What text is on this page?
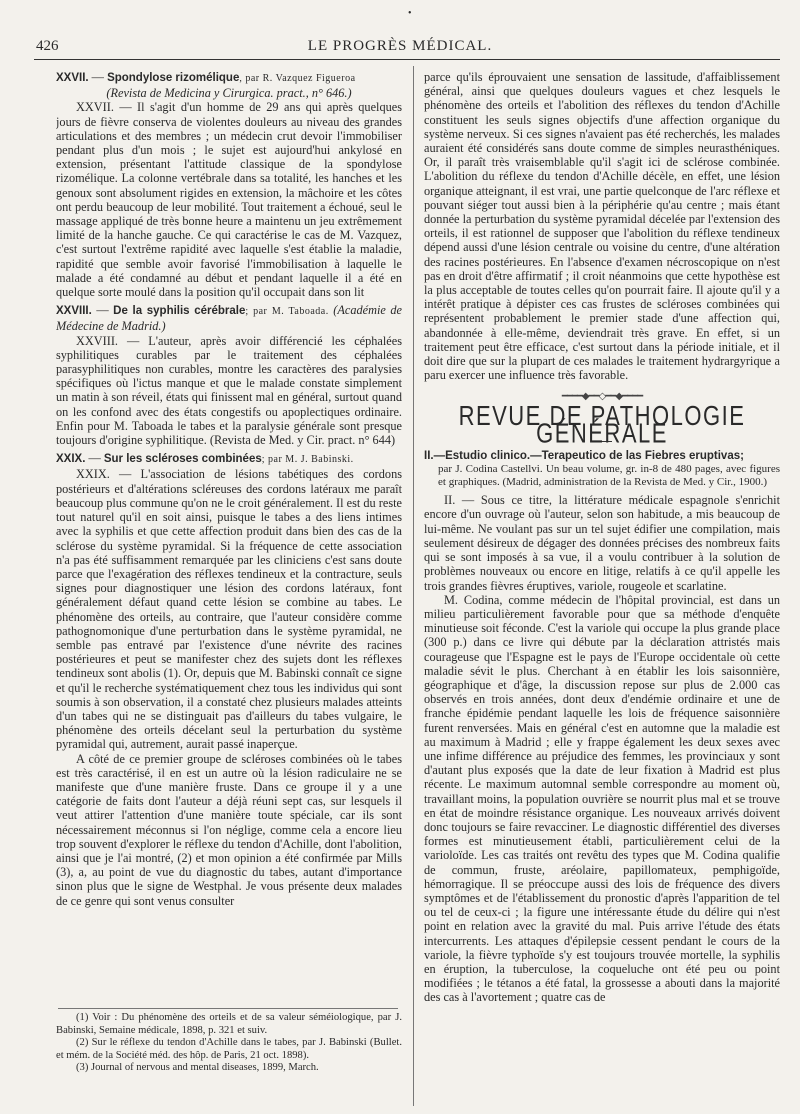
426	LE PROGRÈS MÉDICAL.
•

XXVII. — Spondylose rizomélique, par R. Vazquez Figueroa

(Revista de Medicina y Cirurgica. pract., n° 646.)

XXVII. — Il s'agit d'un homme de 29 ans qui après quelques jours de fièvre conserva de violentes douleurs au niveau des grandes articulations et des membres ; un médecin crut devoir l'immobiliser pendant plus d'un mois ; le sujet est aujourd'hui ankylosé en extension, présentant l'attitude classique de la spondylose rizomélique. La colonne vertébrale dans sa totalité, les hanches et les genoux sont absolument rigides en extension, la mâchoire et les côtes ont perdu beaucoup de leur mobilité. Tout traitement a échoué, seul le massage appliqué de très bonne heure a maintenu un jeu extrêmement limité de la hanche gauche. Ce qui caractérise le cas de M. Vazquez, c'est surtout l'extrême rapidité avec laquelle s'est établie la maladie, rapidité que semble avoir favorisé l'immobilisation à laquelle le malade a été condamné au début et pendant laquelle il a été en quelque sorte moulé dans la position qu'il occupait dans son lit

XXVIII. — De la syphilis cérébrale; par M. Taboada. (Académie de Médecine de Madrid.)

XXVIII. — L'auteur, après avoir différencié les céphalées syphilitiques curables par le traitement des céphalées parasyphilitiques non curables, montre les caractères des paralysies spécifiques où l'ictus manque et que le malade constate simplement un matin à son réveil, états qui finissent mal en général, surtout quand on les confond avec des états congestifs ou apoplectiques ordinaire. Enfin pour M. Taboada le tabes et la paralysie générale sont presque toujours d'origine syphilitique. (Revista de Med. y Cir. pract. n° 644)

XXIX. — Sur les scléroses combinées; par M. J. Babinski.

XXIX. — L'association de lésions tabétiques des cordons postérieurs et d'altérations scléreuses des cordons latéraux me paraît beaucoup plus commune qu'on ne le croit généralement. Il est du reste tout naturel qu'il en soit ainsi, puisque le tabes a des liens intimes avec la syphilis et que cette affection produit dans bien des cas de la sclérose du système pyramidal. Si la fréquence de cette association n'a pas été suffisamment remarquée par les cliniciens c'est sans doute parce que l'exagération des réflexes tendineux et la contracture, seuls signes pour diagnostiquer une lésion des cordons latéraux, font généralement défaut quand cette lésion se combine au tabes. Le phénomène des orteils, au contraire, que l'auteur considère comme pathognomonique d'une perturbation dans le système pyramidal, ne semble pas entravé par l'existence d'une névrite des racines postérieures et peut se manifester chez des sujets dont les réflexes tendineux sont abolis (1). Or, depuis que M. Babinski connaît ce signe et qu'il le recherche systématiquement chez tous les individus qui sont soumis à son observation, il a constaté chez plusieurs malades atteints d'un tabes qui ne se distinguait pas d'ailleurs du tabes vulgaire, le phénomène des orteils décelant seul la perturbation du système pyramidal qui, autrement, aurait passé inaperçue.

A côté de ce premier groupe de scléroses combinées où le tabes est très caractérisé, il en est un autre où la lésion radiculaire ne se manifeste que d'une manière fruste. Dans ce groupe il y a une catégorie de faits dont l'auteur a déjà réuni sept cas, sur lesquels il veut attirer l'attention d'une manière toute spéciale, car ils sont nécessairement méconnus si l'on néglige, comme cela a encore lieu trop souvent d'explorer le réflexe du tendon d'Achille, dont l'abolition, ainsi que je l'ai montré, (2) et mon opinion a été confirmée par Mills (3), a, au point de vue du diagnostic du tabes, autant d'importance sinon plus que le signe de Westphal. Je vous présente deux malades de ce genre qui sont venus consulter

(1) Voir : Du phénomène des orteils et de sa valeur séméiologique, par J. Babinski, Semaine médicale, 1898, p. 321 et suiv.
(2) Sur le réflexe du tendon d'Achille dans le tabes, par J. Babinski (Bullet. et mém. de la Société méd. des hôp. de Paris, 21 oct. 1898).
(3) Journal of nervous and mental diseases, 1899, March.

parce qu'ils éprouvaient une sensation de lassitude, d'affaiblissement général, ainsi que quelques douleurs vagues et chez lesquels le phénomène des orteils et l'abolition des réflexes du tendon d'Achille constituent les seuls signes objectifs d'une affection organique du système nerveux. Si ces signes n'avaient pas été recherchés, les malades auraient été considérés sans doute comme de simples neurasthéniques. Or, il paraît très vraisemblable qu'il s'agit ici de sclérose combinée. L'abolition du réflexe du tendon d'Achille décèle, en effet, une lésion organique atteignant, il est vrai, une partie quelconque de l'arc réflexe et pouvant siéger tout aussi bien à la périphérie qu'au centre ; mais étant donnée la perturbation du système pyramidal décelée par l'extension des orteils, il est rationnel de supposer que l'abolition du réflexe tendineux dépend aussi d'une lésion centrale ou voisine du centre, d'une altération des racines postérieures. En l'absence d'examen nécroscopique on n'est pas en droit d'être affirmatif ; il croit néanmoins que cette hypothèse est la plus acceptable de toutes celles qu'on pourrait faire. Il ajoute qu'il y a intérêt pratique à dépister ces cas frustes de scléroses combinées qui représentent probablement le premier stade d'une affection qui, abandonnée à elle-même, deviendrait très grave. En effet, si un traitement peut être efficace, c'est surtout dans la période initiale, et il doit dire que sur la plupart de ces malades le traitement hydrargyrique a paru exercer une influence très favorable.

━━━━◆━━◇━━◆━━━━
REVUE DE PATHOLOGIE GÉNÉRALE

II.—Estudio clinico.—Terapeutico de las Fiebres eruptivas;

par J. Codina Castellvi. Un beau volume, gr. in-8 de 480 pages, avec figures et graphiques. (Madrid, administration de la Revista de Med. y Cir., 1900.)

II. — Sous ce titre, la littérature médicale espagnole s'enrichit encore d'un ouvrage où l'auteur, selon son habitude, a mis beaucoup de lui-même. Ne voulant pas sur un tel sujet édifier une compilation, mais seulement désireux de dégager des données précises des nombreux faits qui se sont imposés à sa vue, il a voulu contribuer à la solution de problèmes nouveaux ou encore en litige, relatifs à ce qu'il appelle les trois grandes fièvres éruptives, variole, rougeole et scarlatine.

M. Codina, comme médecin de l'hôpital provincial, est dans un milieu particulièrement favorable pour que sa méthode d'enquête minutieuse soit féconde. C'est la variole qui occupe la plus grande place (300 p.) dans ce livre qui débute par la déclaration attristés mais courageuse que l'Espagne est le pays de l'Europe occidentale où cette maladie sévit le plus. Cherchant à en établir les lois saisonnière, géographique et d'âge, la discussion repose sur plus de 2.000 cas observés en trois années, dont deux d'endémie ordinaire et une de franche épidémie pendant laquelle les lois de fréquence saisonnière furent renversées. Mais en général c'est en automne que la maladie est au maximum à Madrid ; elle y frappe également les deux sexes avec une infime différence au préjudice des femmes, les provinciaux y sont d'autant plus exposés que la date de leur fixation à Madrid est plus récente. Le maximum automnal semble correspondre au moment où, travaillant moins, la population ouvrière se nourrit plus mal et se trouve en état de moindre résistance organique. Les nouveaux arrivés doivent donc toujours se faire revacciner. Le diagnostic différentiel des diverses formes est minutieusement établi, particulièrement celui de la varioloïde. Les cas traités ont revêtu des types que M. Codina qualifie de commun, fruste, aréolaire, papillomateux, pemphigoïde, hémorragique. Il se préoccupe aussi des lois de fréquence des divers symptômes et de l'établissement du pronostic d'après l'apparition de tel ou tel de ceux-ci ; la figure une intéressante étude du délire qui n'est point en relation avec la gravité du mal. Puis arrive l'étude des états intercurrents. Les attaques d'épilepsie cessent pendant le cours de la variole, la fièvre typhoïde s'y est toujours trouvée mortelle, la syphilis en éruption, la tuberculose, la coqueluche ont été peu ou point modifiées ; le tétanos a été fatal, la grossesse a abouti dans la majorité des cas à l'avortement ; quatre cas de
